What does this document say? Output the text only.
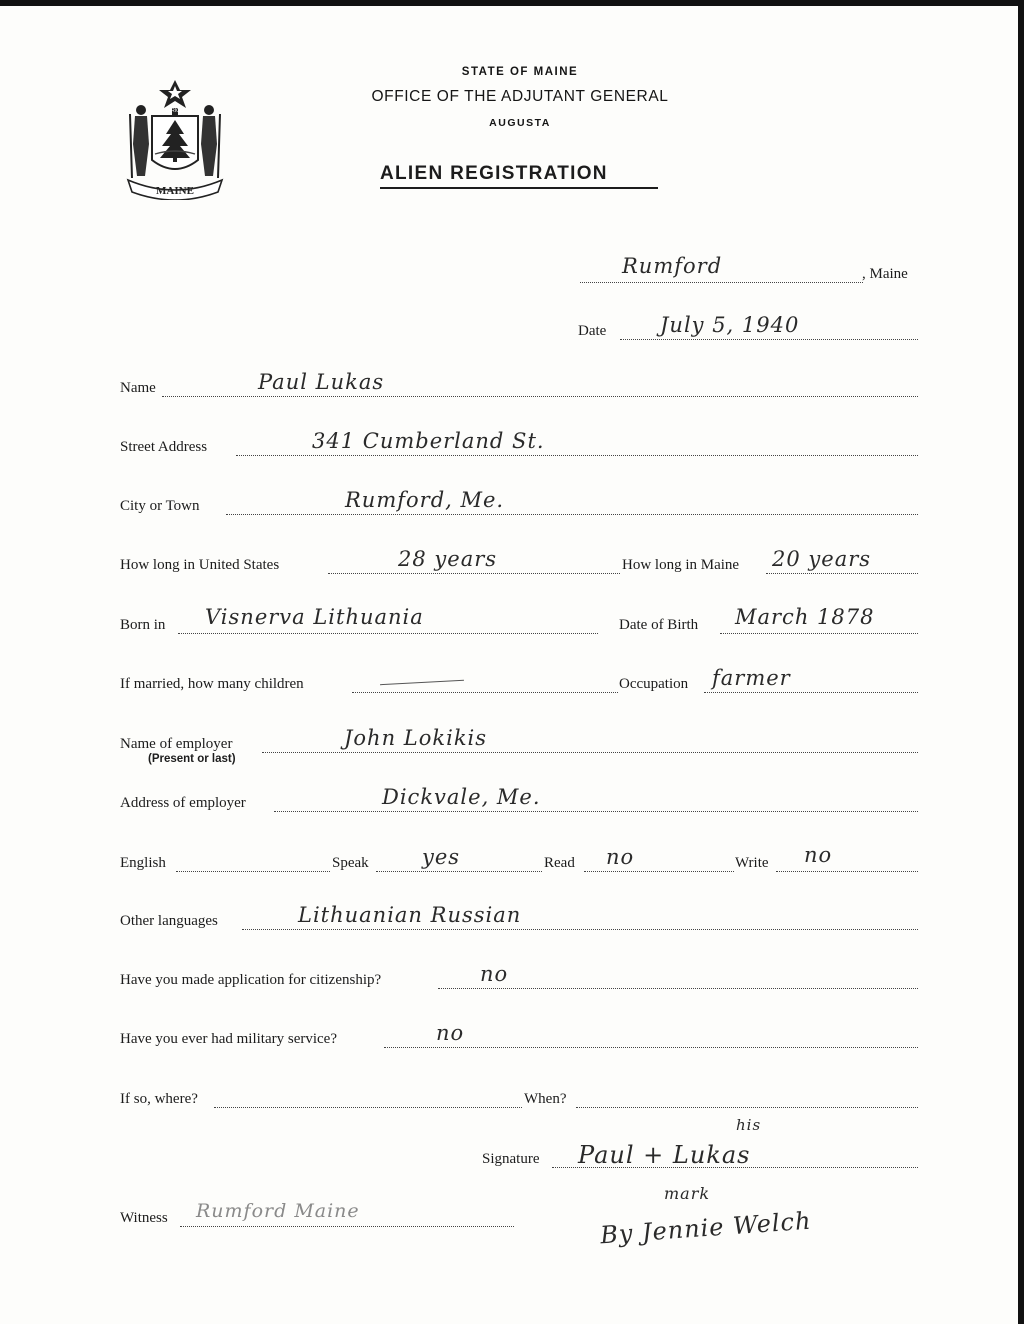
MAINE
DIRIGO
STATE OF MAINE
OFFICE OF THE ADJUTANT GENERAL
AUGUSTA
ALIEN REGISTRATION
Rumford	, Maine
Date	July 5, 1940
Name	Paul Lukas
Street Address	341 Cumberland St.
City or Town	Rumford, Me.
How long in United States	28 years	How long in Maine 20 years
Born in Visnerva Lithuania	Date of Birth March 1878
If married, how many children	Occupation farmer
Name of employer
(Present or last)
John Lokikis
Address of employer	Dickvale, Me.
English	Speak	yes	Read no	Write no
Other languages	Lithuanian Russian
Have you made application for citizenship?	no
Have you ever had military service?	no
If so, where?	When?
his
Signature Paul + Lukas
mark
Witness Rumford Maine	By Jennie Welch
